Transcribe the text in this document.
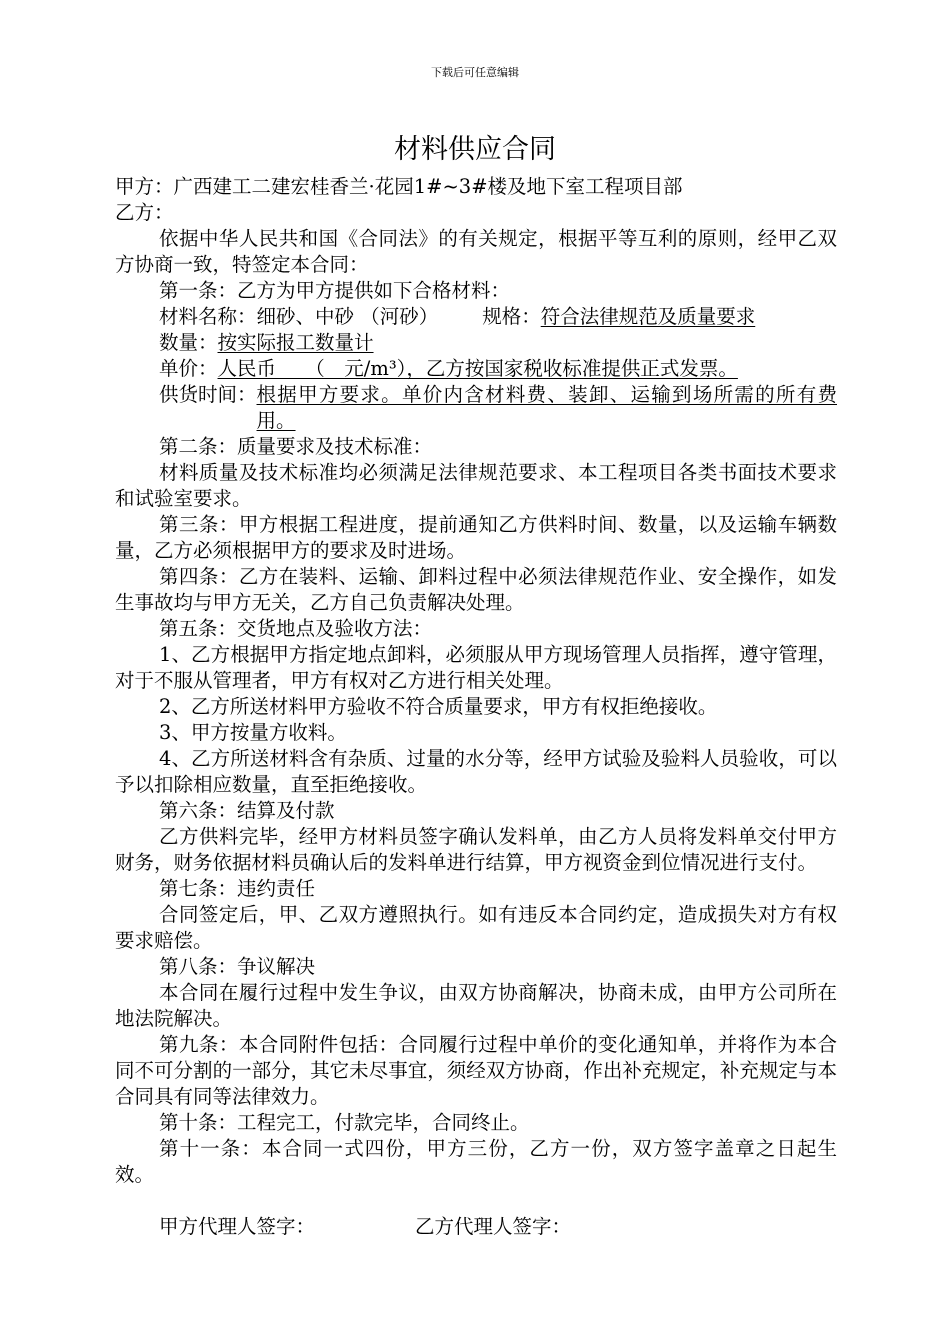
下载后可任意编辑
材料供应合同
甲方：广西建工二建宏桂香兰·花园1#~3#楼及地下室工程项目部
乙方：
依据中华人民共和国《合同法》的有关规定，根据平等互利的原则，经甲乙双方协商一致，特签定本合同：
第一条：乙方为甲方提供如下合格材料：
材料名称：细砂、中砂 （河砂） 规格：符合法律规范及质量要求
数量：按实际报工数量计
单价：人民币　　（　元/m³），乙方按国家税收标准提供正式发票。
供货时间： 根据甲方要求。单价内含材料费、装卸、运输到场所需的所有费用。
第二条：质量要求及技术标准：
材料质量及技术标准均必须满足法律规范要求、本工程项目各类书面技术要求和试验室要求。
第三条：甲方根据工程进度，提前通知乙方供料时间、数量，以及运输车辆数量，乙方必须根据甲方的要求及时进场。
第四条：乙方在装料、运输、卸料过程中必须法律规范作业、安全操作，如发生事故均与甲方无关，乙方自己负责解决处理。
第五条：交货地点及验收方法：
1、乙方根据甲方指定地点卸料，必须服从甲方现场管理人员指挥，遵守管理，对于不服从管理者，甲方有权对乙方进行相关处理。
2、乙方所送材料甲方验收不符合质量要求，甲方有权拒绝接收。
3、甲方按量方收料。
4、乙方所送材料含有杂质、过量的水分等，经甲方试验及验料人员验收，可以予以扣除相应数量，直至拒绝接收。
第六条：结算及付款
乙方供料完毕，经甲方材料员签字确认发料单，由乙方人员将发料单交付甲方财务，财务依据材料员确认后的发料单进行结算，甲方视资金到位情况进行支付。
第七条：违约责任
合同签定后，甲、乙双方遵照执行。如有违反本合同约定，造成损失对方有权要求赔偿。
第八条：争议解决
本合同在履行过程中发生争议，由双方协商解决，协商未成，由甲方公司所在地法院解决。
第九条：本合同附件包括：合同履行过程中单价的变化通知单，并将作为本合同不可分割的一部分，其它未尽事宜，须经双方协商，作出补充规定，补充规定与本合同具有同等法律效力。
第十条：工程完工，付款完毕，合同终止。
第十一条：本合同一式四份，甲方三份，乙方一份，双方签字盖章之日起生效。
甲方代理人签字：	乙方代理人签字：
